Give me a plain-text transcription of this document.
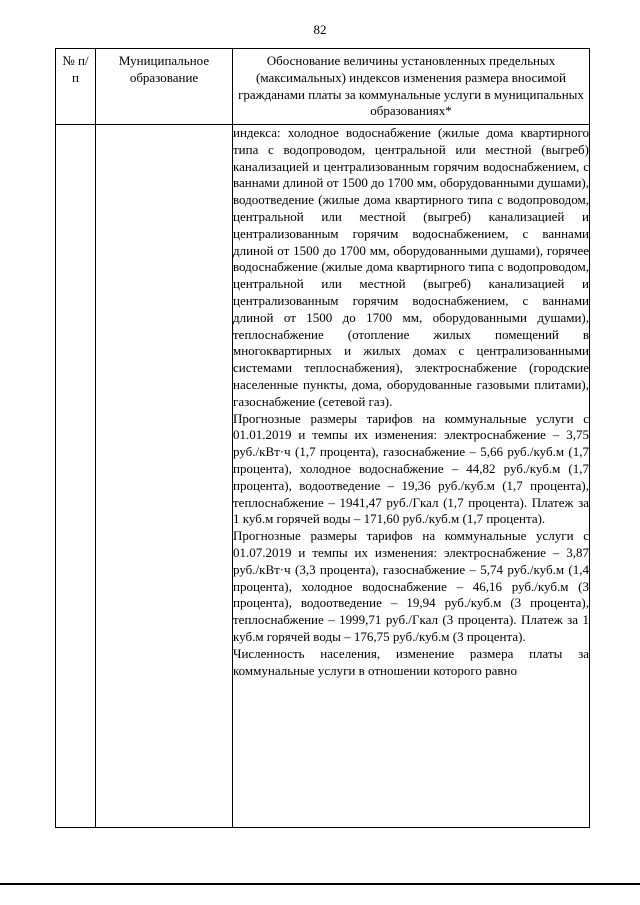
82
№ п/п	Муниципальное образование	Обоснование величины установленных предельных (максимальных) индексов изменения размера вносимой гражданами платы за коммунальные услуги в муниципальных образованиях*

		индекса: холодное водоснабжение (жилые дома квартирного типа с водопроводом, центральной или местной (выгреб) канализацией и централизованным горячим водоснабжением, с ваннами длиной от 1500 до 1700 мм, оборудованными душами), водоотведение (жилые дома квартирного типа с водопроводом, центральной или местной (выгреб) канализацией и централизованным горячим водоснабжением, с ваннами длиной от 1500 до 1700 мм, оборудованными душами), горячее водоснабжение (жилые дома квартирного типа с водопроводом, центральной или местной (выгреб) канализацией и централизованным горячим водоснабжением, с ваннами длиной от 1500 до 1700 мм, оборудованными душами), теплоснабжение (отопление жилых помещений в многоквартирных и жилых домах с централизованными системами теплоснабжения), электроснабжение (городские населенные пункты, дома, оборудованные газовыми плитами), газоснабжение (сетевой газ).

Прогнозные размеры тарифов на коммунальные услуги с 01.01.2019 и темпы их изменения: электроснабжение – 3,75 руб./кВт·ч (1,7 процента), газоснабжение – 5,66 руб./куб.м (1,7 процента), холодное водоснабжение – 44,82 руб./куб.м (1,7 процента), водоотведение – 19,36 руб./куб.м (1,7 процента), теплоснабжение – 1941,47 руб./Гкал (1,7 процента). Платеж за 1 куб.м горячей воды – 171,60 руб./куб.м (1,7 процента).

Прогнозные размеры тарифов на коммунальные услуги с 01.07.2019 и темпы их изменения: электроснабжение – 3,87 руб./кВт·ч (3,3 процента), газоснабжение – 5,74 руб./куб.м (1,4 процента), холодное водоснабжение – 46,16 руб./куб.м (3 процента), водоотведение – 19,94 руб./куб.м (3 процента), теплоснабжение – 1999,71 руб./Гкал (3 процента). Платеж за 1 куб.м горячей воды – 176,75 руб./куб.м (3 процента).

Численность населения, изменение размера платы за коммунальные услуги в отношении которого равно
